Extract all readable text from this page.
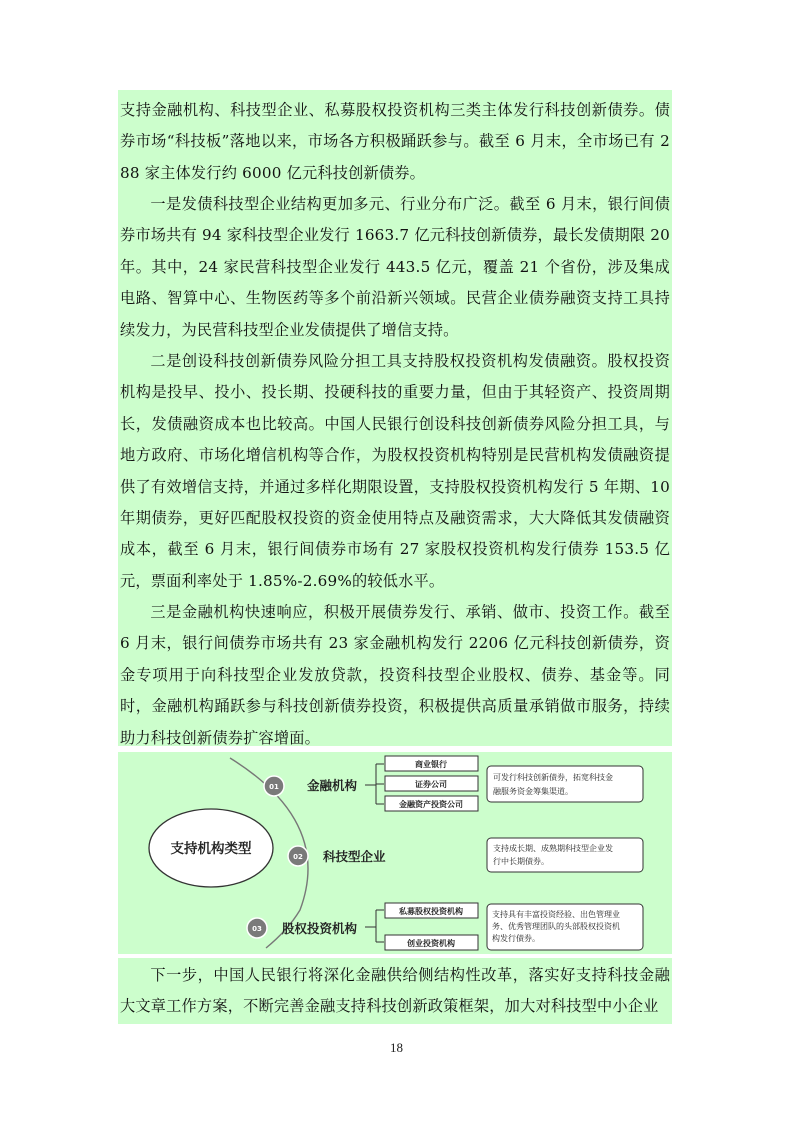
支持金融机构、科技型企业、私募股权投资机构三类主体发行科技创新债券。债券市场“科技板”落地以来，市场各方积极踊跃参与。截至 6 月末，全市场已有 288 家主体发行约 6000 亿元科技创新债券。

一是发债科技型企业结构更加多元、行业分布广泛。截至 6 月末，银行间债券市场共有 94 家科技型企业发行 1663.7 亿元科技创新债券，最长发债期限 20 年。其中，24 家民营科技型企业发行 443.5 亿元，覆盖 21 个省份，涉及集成电路、智算中心、生物医药等多个前沿新兴领域。民营企业债券融资支持工具持续发力，为民营科技型企业发债提供了增信支持。

二是创设科技创新债券风险分担工具支持股权投资机构发债融资。股权投资机构是投早、投小、投长期、投硬科技的重要力量，但由于其轻资产、投资周期长，发债融资成本也比较高。中国人民银行创设科技创新债券风险分担工具，与地方政府、市场化增信机构等合作，为股权投资机构特别是民营机构发债融资提供了有效增信支持，并通过多样化期限设置，支持股权投资机构发行 5 年期、10 年期债券，更好匹配股权投资的资金使用特点及融资需求，大大降低其发债融资成本，截至 6 月末，银行间债券市场有 27 家股权投资机构发行债券 153.5 亿元，票面利率处于 1.85%-2.69%的较低水平。

三是金融机构快速响应，积极开展债券发行、承销、做市、投资工作。截至 6 月末，银行间债券市场共有 23 家金融机构发行 2206 亿元科技创新债券，资金专项用于向科技型企业发放贷款，投资科技型企业股权、债券、基金等。同时，金融机构踊跃参与科技创新债券投资，积极提供高质量承销做市服务，持续助力科技创新债券扩容增面。

支持机构类型
01 金融机构
商业银行
证券公司
金融资产投资公司
可发行科技创新债券，拓宽科技金 融服务资金筹集渠道。
02 科技型企业
支持成长期、成熟期科技型企业发 行中长期债券。
03 股权投资机构
私募股权投资机构
创业投资机构
支持具有丰富投资经验、出色管理业 务、优秀管理团队的头部股权投资机 构发行债券。

下一步，中国人民银行将深化金融供给侧结构性改革，落实好支持科技金融大文章工作方案，不断完善金融支持科技创新政策框架，加大对科技型中小企业

18
